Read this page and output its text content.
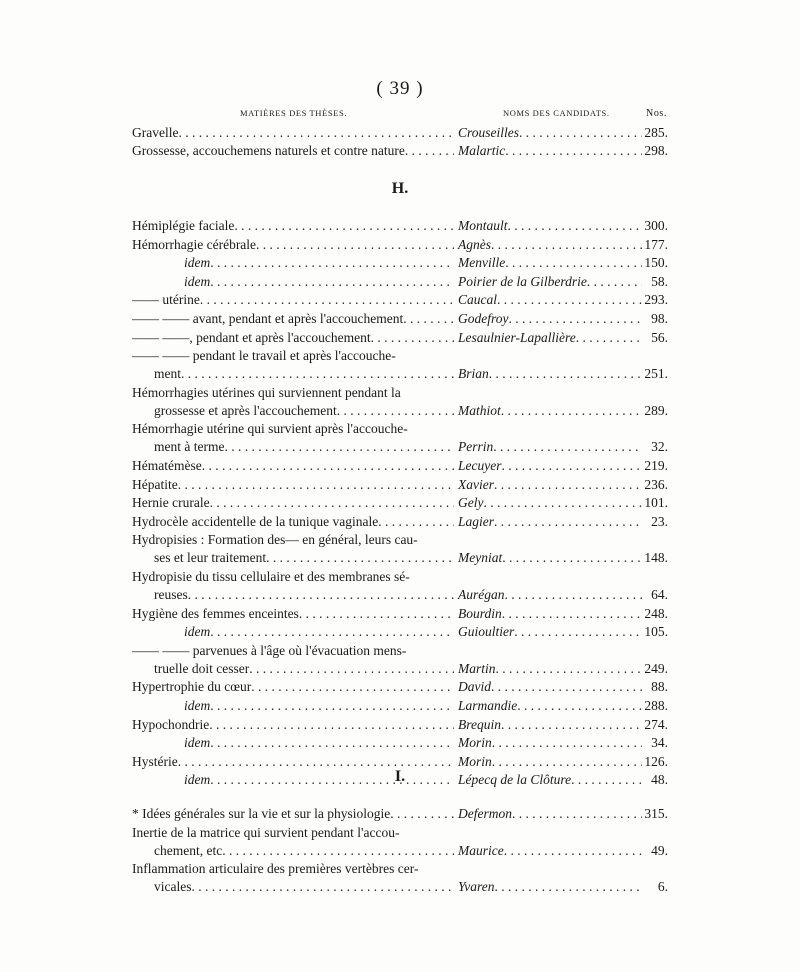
( 39 )
MATIÈRES DES THÈSES.	NOMS DES CANDIDATS.	Nos.
Gravelle . . .	Crouseilles . . .	285.
Grossesse, accouchemens naturels et contre nature . . .	Malartic . . .	298.
H.
Hémiplégie faciale . . .	Montault . . .	300.
Hémorrhagie cérébrale . . .	Agnès . . .	177.
idem . . .	Menville . . .	150.
idem . . .	Poirier de la Gilberdrie . . .	58.
—— utérine . . .	Caucal . . .	293.
—— —— avant, pendant et après l'accouchement . . .	Godefroy . . .	98.
—— ——, pendant et après l'accouchement . . .	Lesaulnier-Lapallière . . .	56.
—— —— pendant le travail et après l'accouche-
ment . . .	Brian . . .	251.
Hémorrhagies utérines qui surviennent pendant la
grossesse et après l'accouchement . . .	Mathiot . . .	289.
Hémorrhagie utérine qui survient après l'accouche-
ment à terme . . .	Perrin . . .	32.
Hématémèse . . .	Lecuyer . . .	219.
Hépatite . . .	Xavier . . .	236.
Hernie crurale . . .	Gely . . .	101.
Hydrocèle accidentelle de la tunique vaginale . . .	Lagier . . .	23.
Hydropisies : Formation des— en général, leurs cau-
ses et leur traitement . . .	Meyniat . . .	148.
Hydropisie du tissu cellulaire et des membranes sé-
reuses . . .	Aurégan . . .	64.
Hygiène des femmes enceintes . . .	Bourdin . . .	248.
idem . . .	Guioultier . . .	105.
—— —— parvenues à l'âge où l'évacuation mens-
truelle doit cesser . . .	Martin . . .	249.
Hypertrophie du cœur . . .	David . . .	88.
idem . . .	Larmandie . . .	288.
Hypochondrie . . .	Brequin . . .	274.
idem . . .	Morin . . .	34.
Hystérie . . .	Morin . . .	126.
idem . . .	Lépecq de la Clôture . . .	48.
I.
* Idées générales sur la vie et sur la physiologie . . .	Defermon . . .	315.
Inertie de la matrice qui survient pendant l'accou-
chement, etc . . .	Maurice . . .	49.
Inflammation articulaire des premières vertèbres cer-
vicales . . .	Yvaren . . .	6.
